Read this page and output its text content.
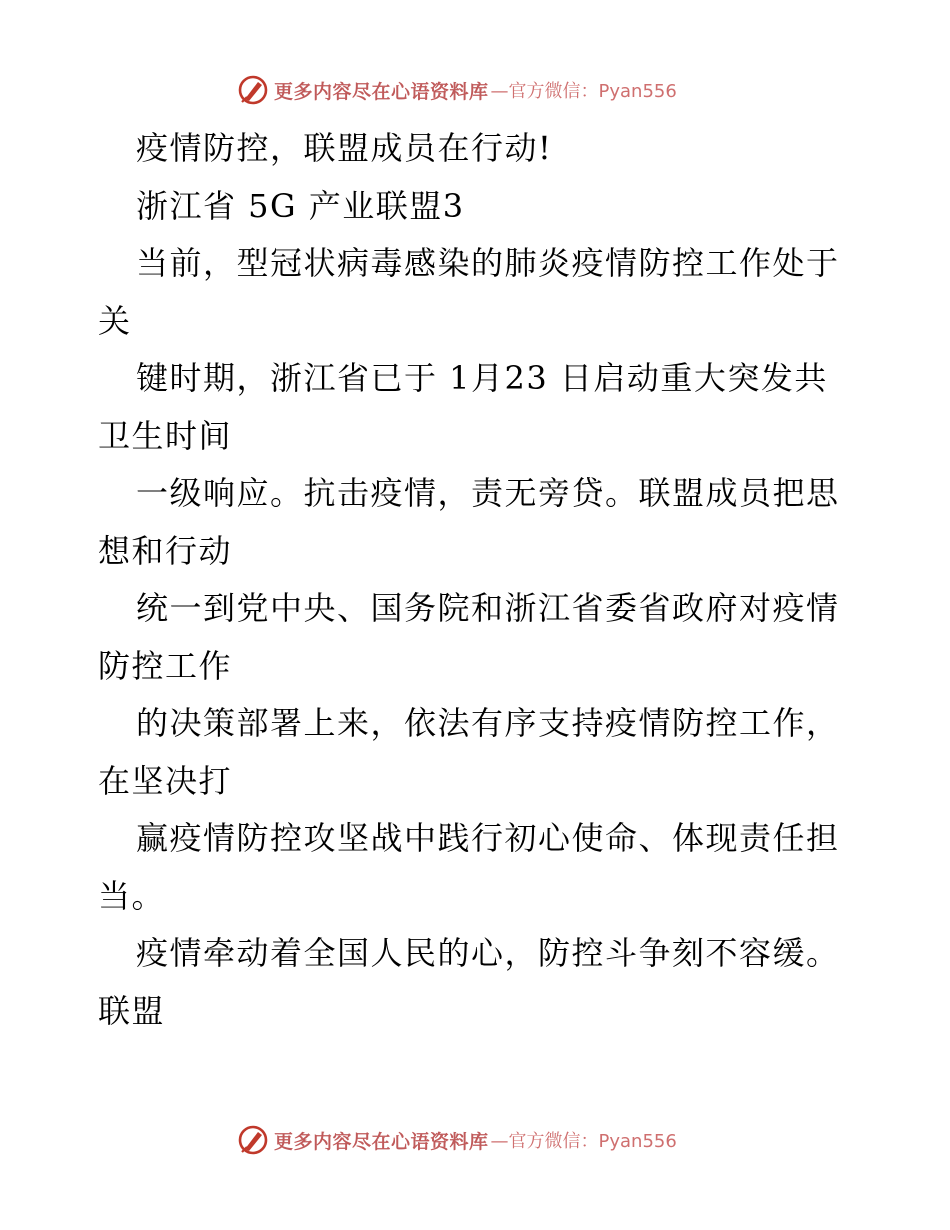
更多内容尽在心语资料库 —官方微信：Pyan556
疫情防控，联盟成员在行动!
浙江省 5G 产业联盟3
当前，型冠状病毒感染的肺炎疫情防控工作处于
关
键时期，浙江省已于 1月23 日启动重大突发共
卫生时间
一级响应。抗击疫情，责无旁贷。联盟成员把思
想和行动
统一到党中央、国务院和浙江省委省政府对疫情
防控工作
的决策部署上来，依法有序支持疫情防控工作，
在坚决打
赢疫情防控攻坚战中践行初心使命、体现责任担
当。
疫情牵动着全国人民的心，防控斗争刻不容缓。
联盟
更多内容尽在心语资料库 —官方微信：Pyan556
